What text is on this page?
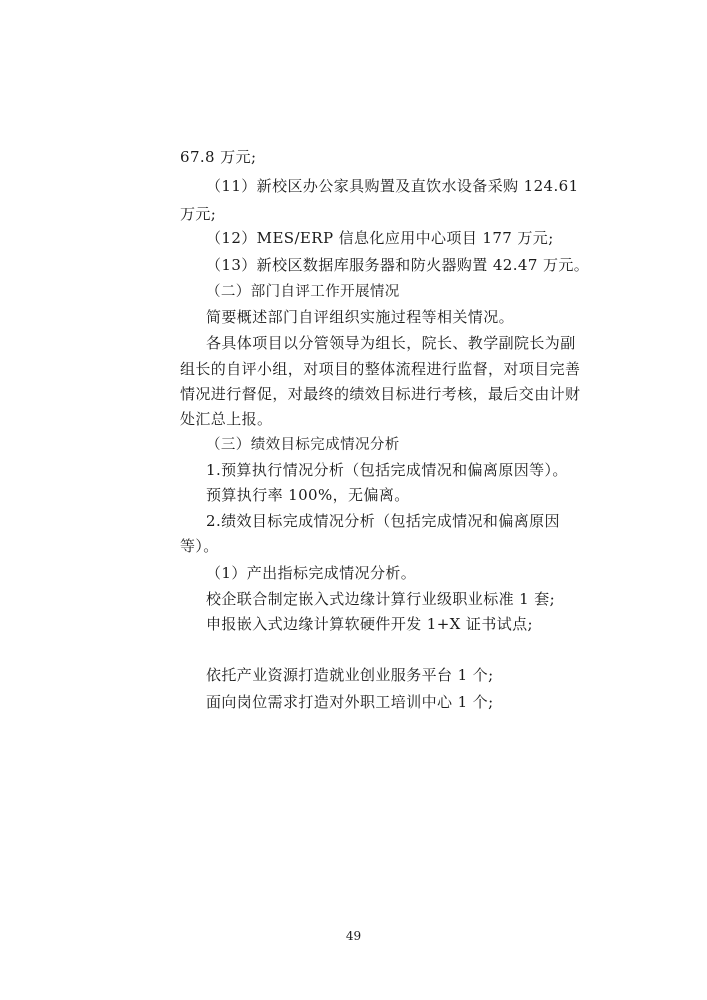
67.8 万元;
（11）新校区办公家具购置及直饮水设备采购 124.61
万元;
（12）MES/ERP 信息化应用中心项目 177 万元;
（13）新校区数据库服务器和防火器购置 42.47 万元。
（二）部门自评工作开展情况
简要概述部门自评组织实施过程等相关情况。
各具体项目以分管领导为组长，院长、教学副院长为副
组长的自评小组，对项目的整体流程进行监督，对项目完善
情况进行督促，对最终的绩效目标进行考核，最后交由计财
处汇总上报。
（三）绩效目标完成情况分析
1.预算执行情况分析（包括完成情况和偏离原因等）。
预算执行率 100%，无偏离。
2.绩效目标完成情况分析（包括完成情况和偏离原因
等）。
（1）产出指标完成情况分析。
校企联合制定嵌入式边缘计算行业级职业标准 1 套;
申报嵌入式边缘计算软硬件开发 1+X 证书试点;
依托产业资源打造就业创业服务平台 1 个;
面向岗位需求打造对外职工培训中心 1 个;
49
